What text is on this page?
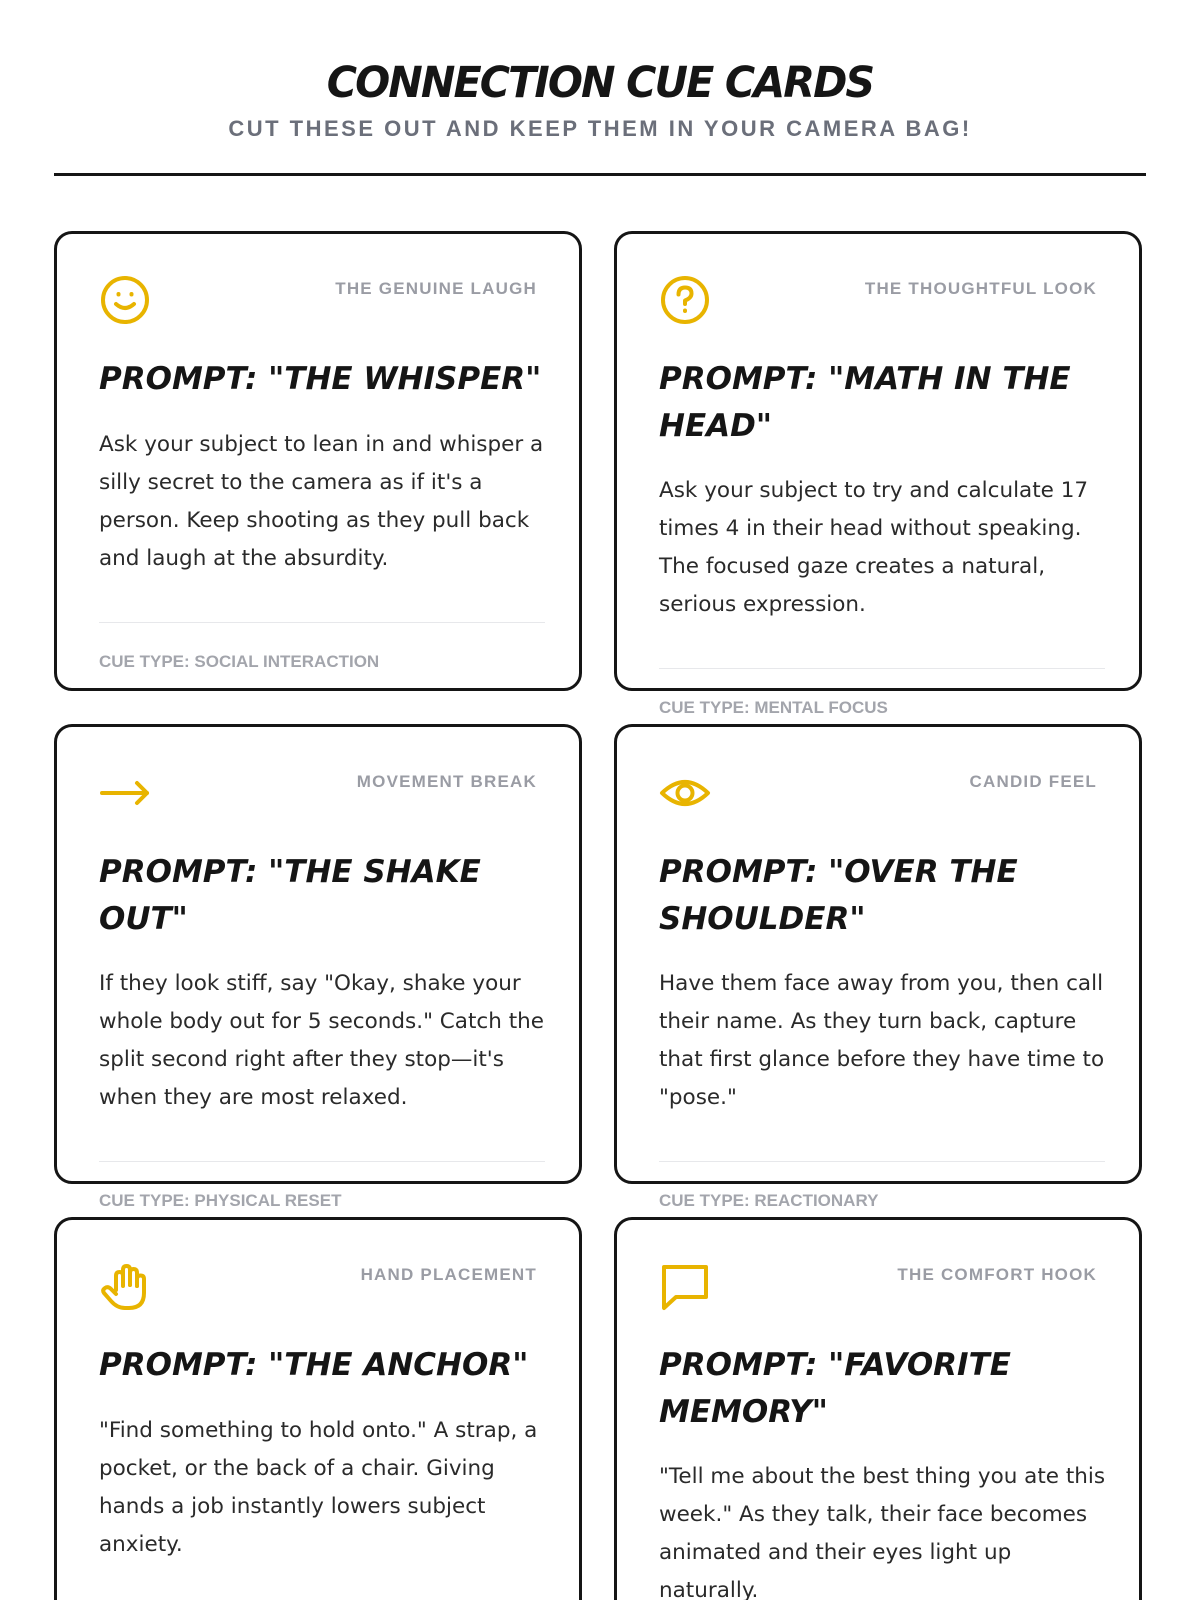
CONNECTION CUE CARDS
CUT THESE OUT AND KEEP THEM IN YOUR CAMERA BAG!
THE GENUINE LAUGH
PROMPT: "THE WHISPER"

Ask your subject to lean in and whisper a silly secret to the camera as if it's a person. Keep shooting as they pull back and laugh at the absurdity.

CUE TYPE: SOCIAL INTERACTION
THE THOUGHTFUL LOOK
PROMPT: "MATH IN THE HEAD"

Ask your subject to try and calculate 17 times 4 in their head without speaking. The focused gaze creates a natural, serious expression.

CUE TYPE: MENTAL FOCUS
MOVEMENT BREAK
PROMPT: "THE SHAKE OUT"

If they look stiff, say "Okay, shake your whole body out for 5 seconds." Catch the split second right after they stop—it's when they are most relaxed.

CUE TYPE: PHYSICAL RESET
CANDID FEEL
PROMPT: "OVER THE SHOULDER"

Have them face away from you, then call their name. As they turn back, capture that first glance before they have time to "pose."

CUE TYPE: REACTIONARY
HAND PLACEMENT
PROMPT: "THE ANCHOR"

"Find something to hold onto." A strap, a pocket, or the back of a chair. Giving hands a job instantly lowers subject anxiety.

THE COMFORT HOOK
PROMPT: "FAVORITE MEMORY"

"Tell me about the best thing you ate this week." As they talk, their face becomes animated and their eyes light up naturally.
